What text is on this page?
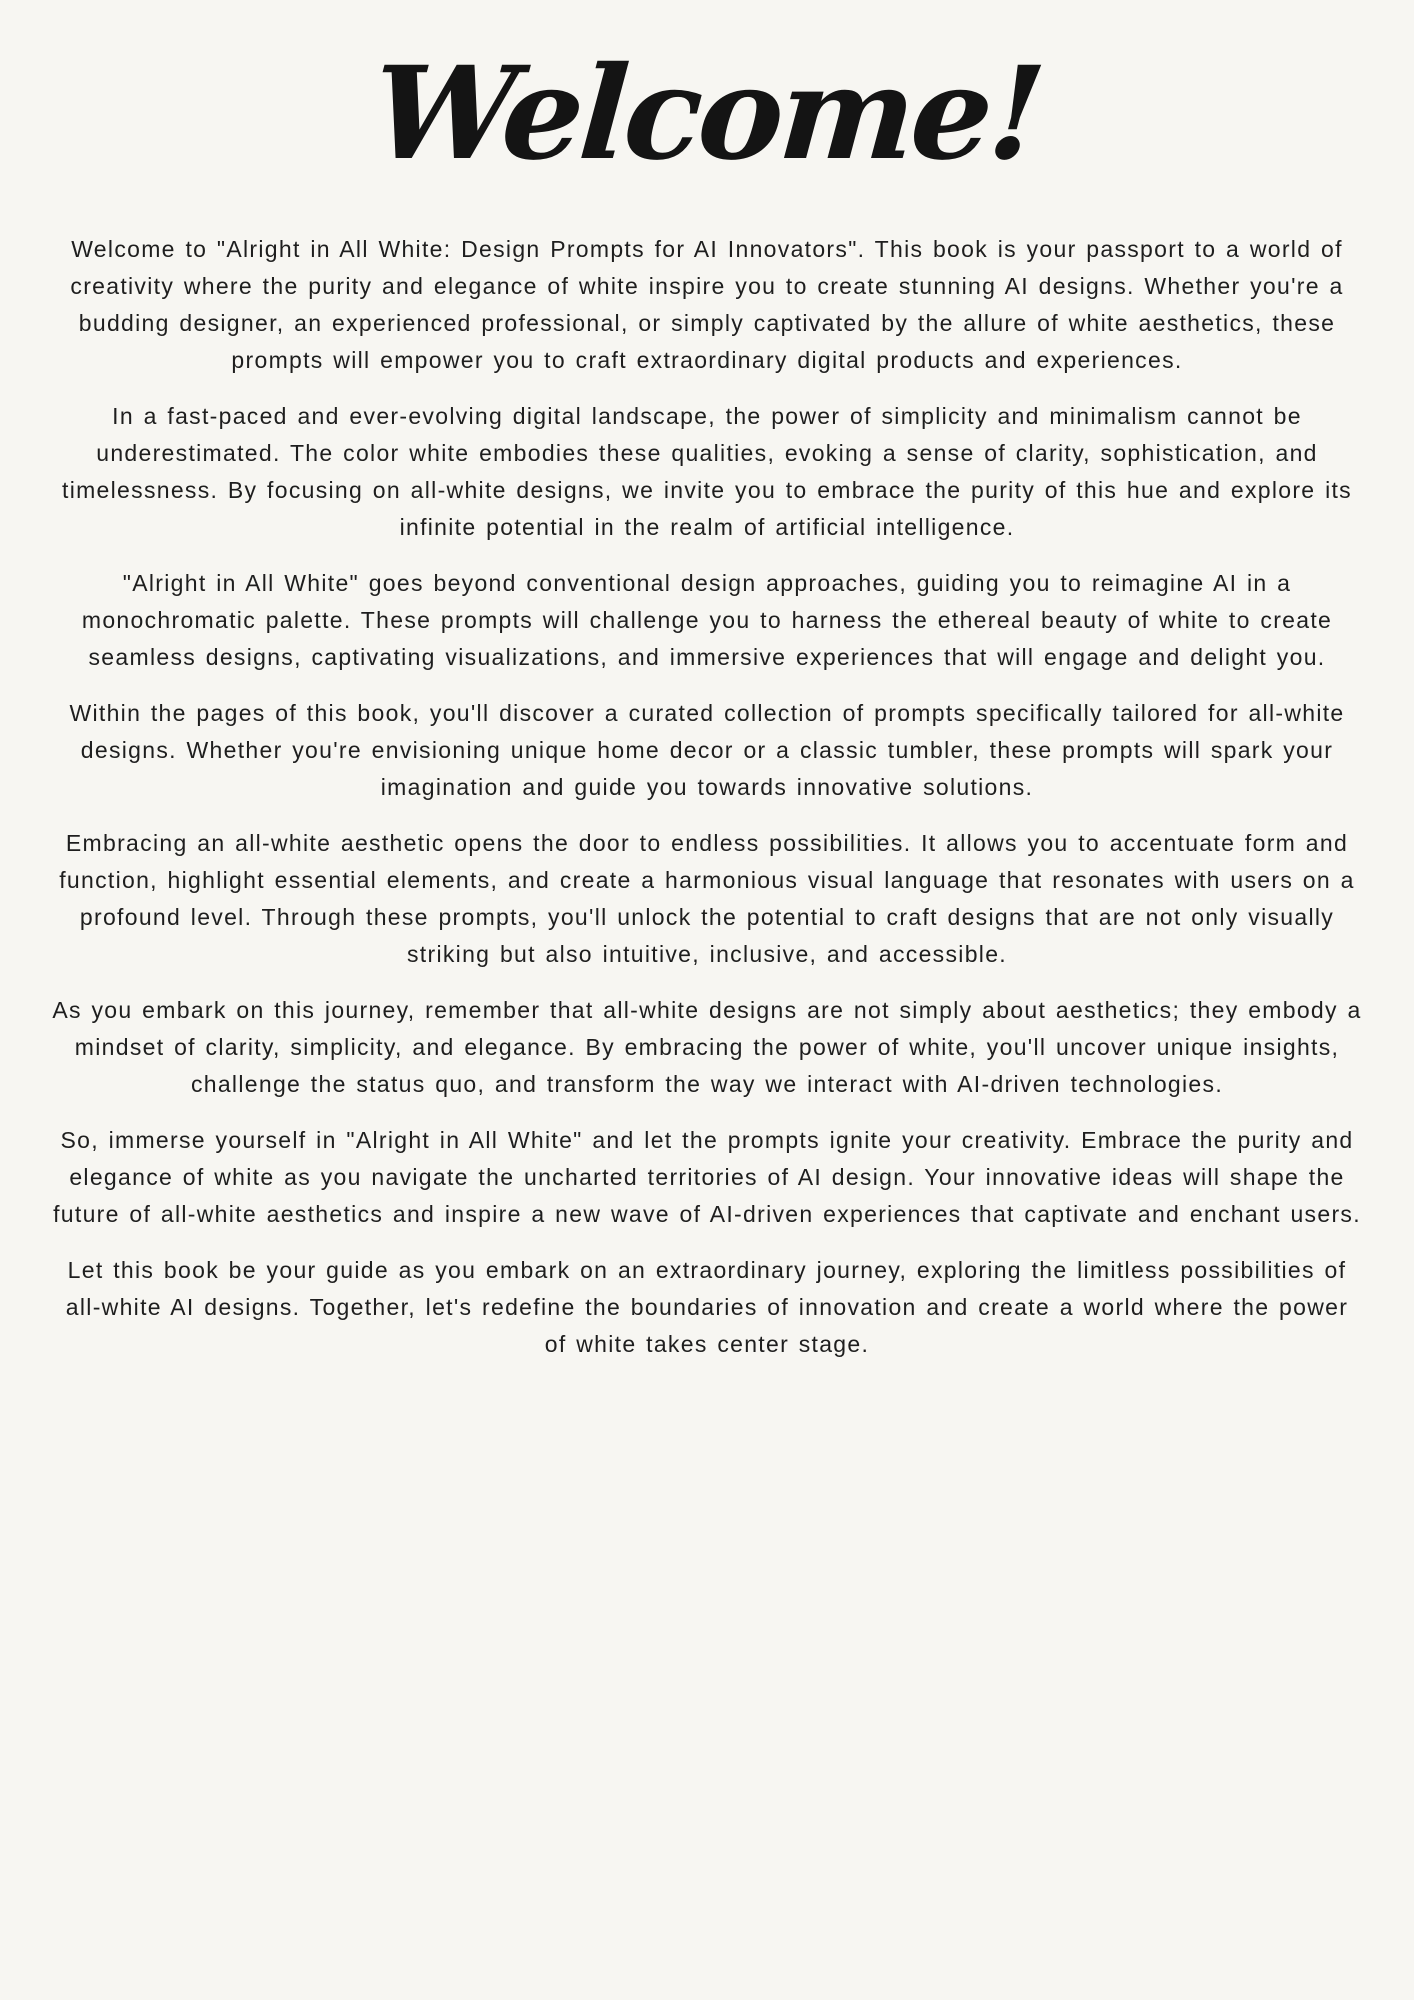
Welcome!

Welcome to "Alright in All White: Design Prompts for AI Innovators". This book is your passport to a world of creativity where the purity and elegance of white inspire you to create stunning AI designs. Whether you're a budding designer, an experienced professional, or simply captivated by the allure of white aesthetics, these prompts will empower you to craft extraordinary digital products and experiences.

In a fast-paced and ever-evolving digital landscape, the power of simplicity and minimalism cannot be underestimated. The color white embodies these qualities, evoking a sense of clarity, sophistication, and timelessness. By focusing on all-white designs, we invite you to embrace the purity of this hue and explore its infinite potential in the realm of artificial intelligence.

"Alright in All White" goes beyond conventional design approaches, guiding you to reimagine AI in a monochromatic palette. These prompts will challenge you to harness the ethereal beauty of white to create seamless designs, captivating visualizations, and immersive experiences that will engage and delight you.

Within the pages of this book, you'll discover a curated collection of prompts specifically tailored for all-white designs. Whether you're envisioning unique home decor or a classic tumbler, these prompts will spark your imagination and guide you towards innovative solutions.

Embracing an all-white aesthetic opens the door to endless possibilities. It allows you to accentuate form and function, highlight essential elements, and create a harmonious visual language that resonates with users on a profound level. Through these prompts, you'll unlock the potential to craft designs that are not only visually striking but also intuitive, inclusive, and accessible.

As you embark on this journey, remember that all-white designs are not simply about aesthetics; they embody a mindset of clarity, simplicity, and elegance. By embracing the power of white, you'll uncover unique insights, challenge the status quo, and transform the way we interact with AI-driven technologies.

So, immerse yourself in "Alright in All White" and let the prompts ignite your creativity. Embrace the purity and elegance of white as you navigate the uncharted territories of AI design. Your innovative ideas will shape the future of all-white aesthetics and inspire a new wave of AI-driven experiences that captivate and enchant users.

Let this book be your guide as you embark on an extraordinary journey, exploring the limitless possibilities of all-white AI designs. Together, let's redefine the boundaries of innovation and create a world where the power of white takes center stage.
